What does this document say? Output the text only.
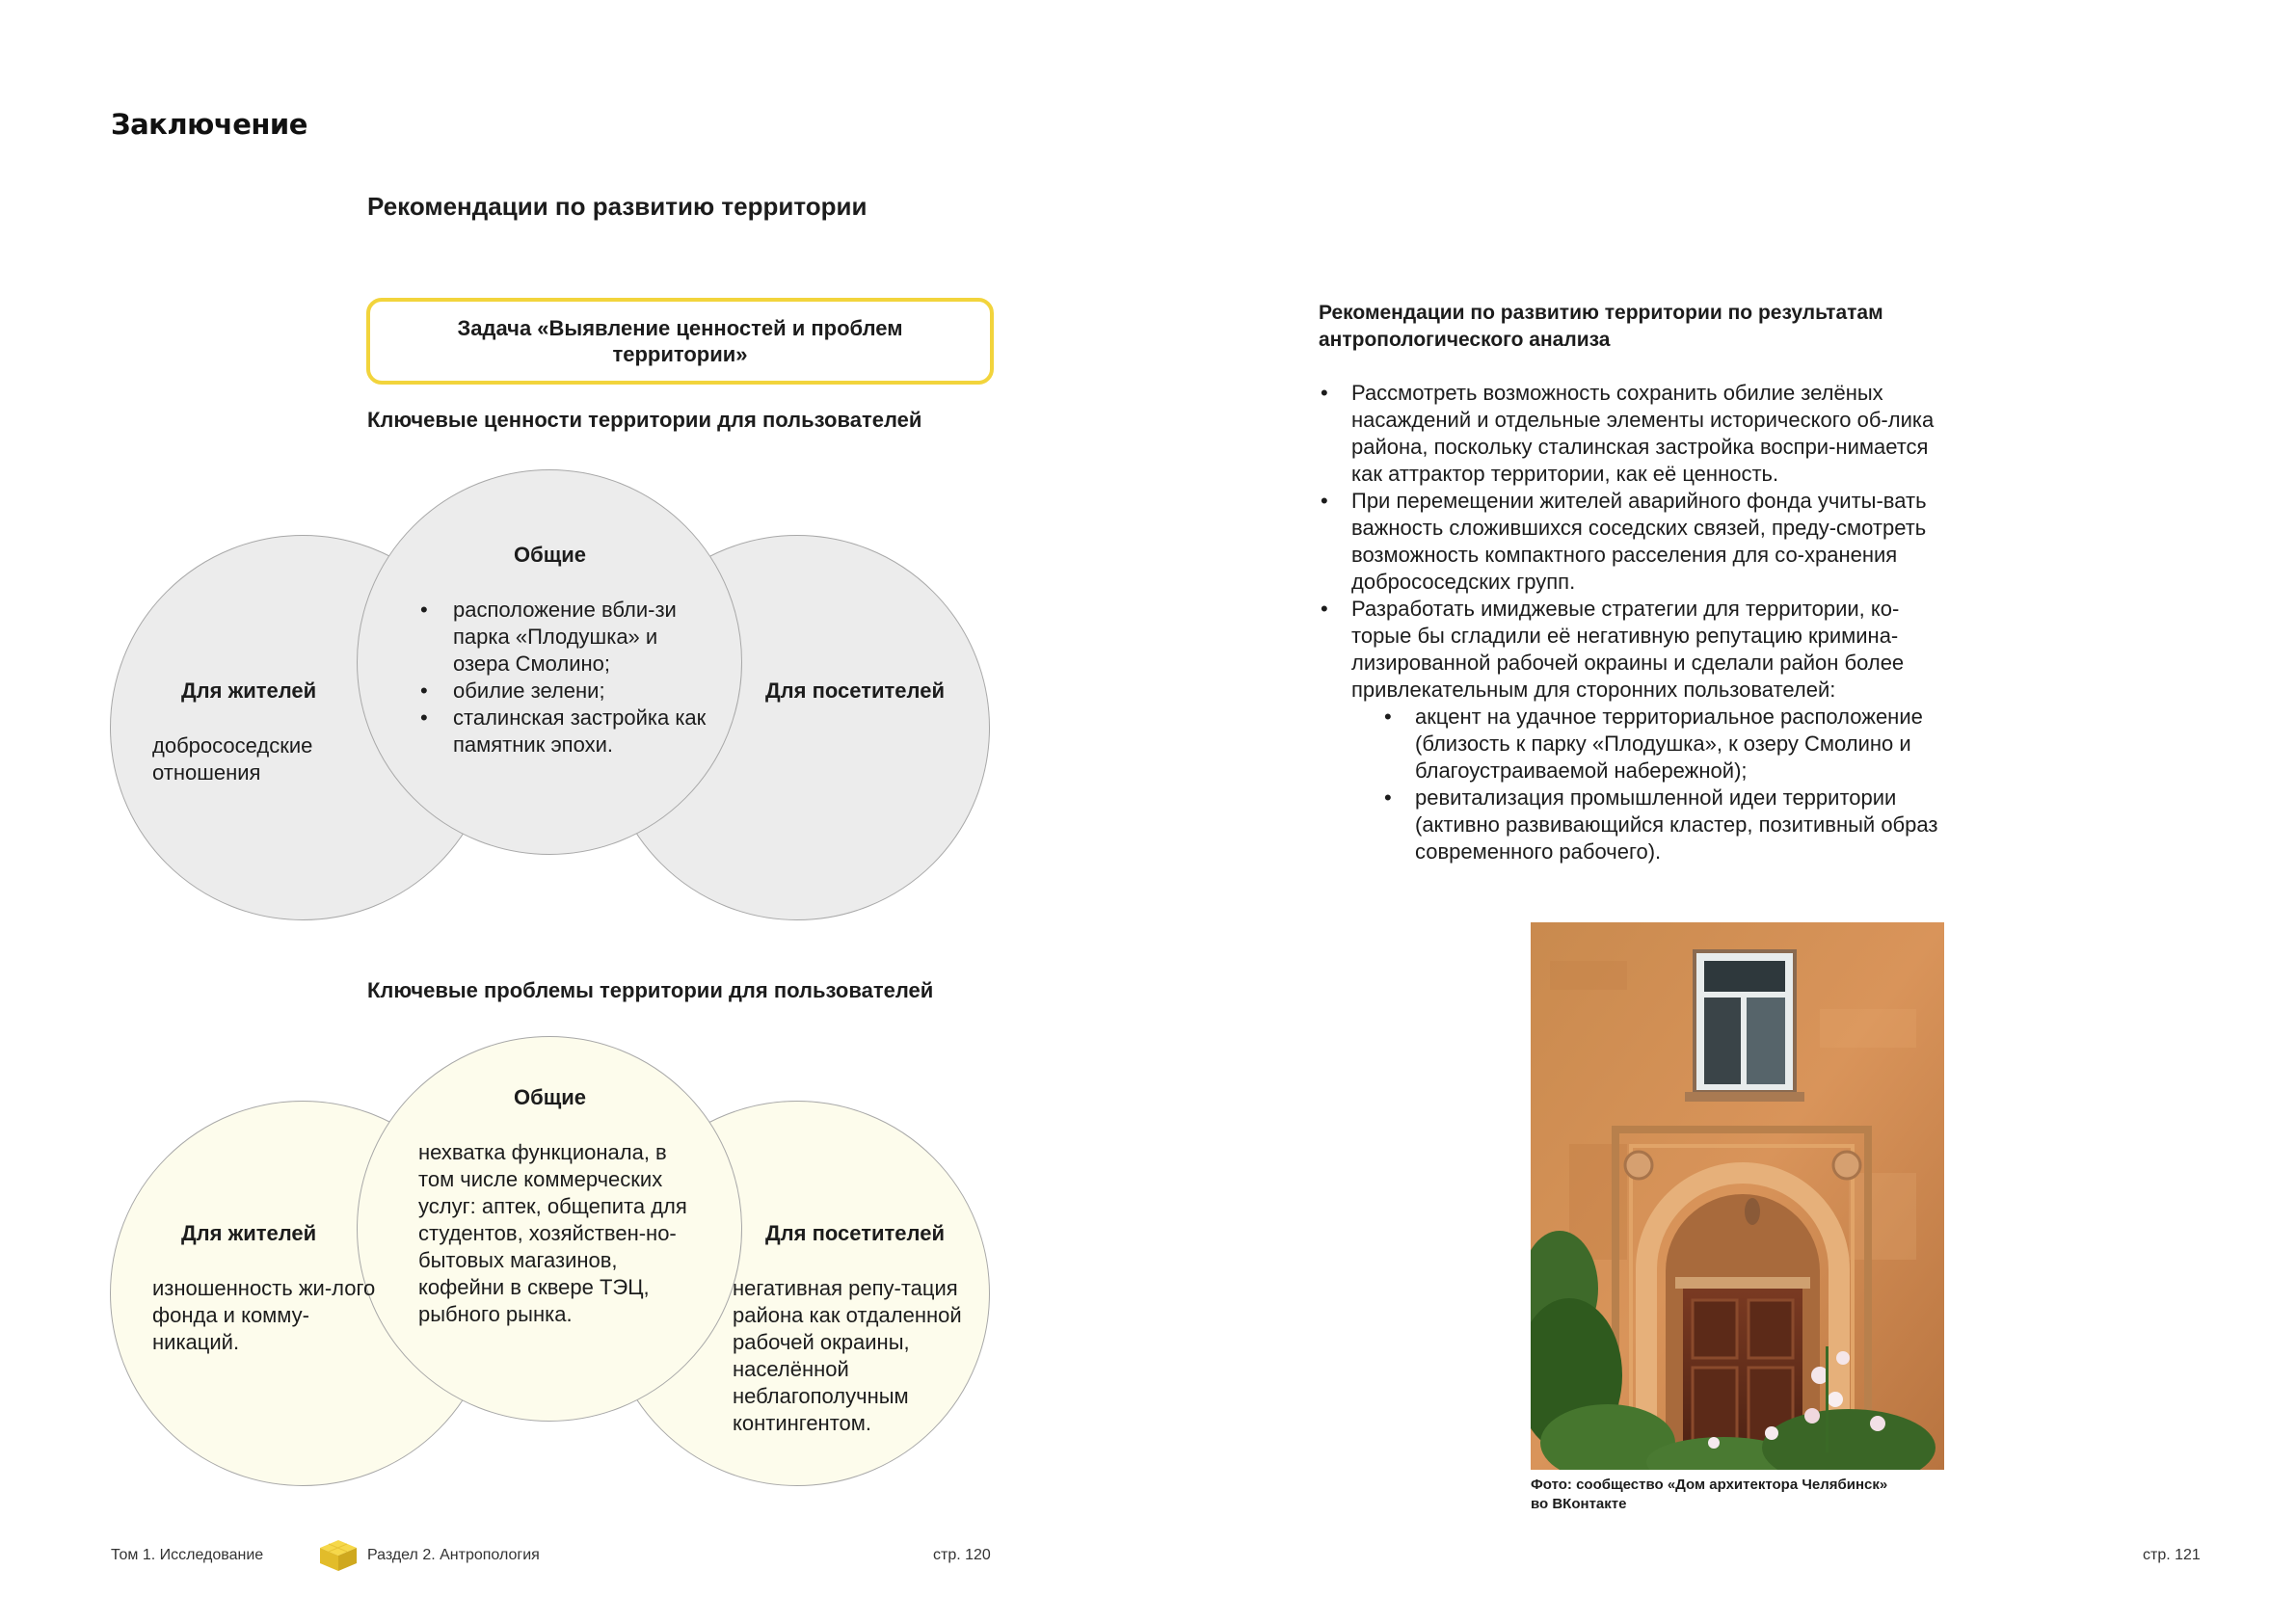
Заключение
Рекомендации по развитию территории
Задача «Выявление ценностей и проблем территории»
Ключевые ценности территории для пользователей
Для жителей
добрососедские отношения
Для посетителей
Общие
• расположение вбли-зи парка «Плодушка» и озера Смолино;
• обилие зелени;
• сталинская застройка как памятник эпохи.
Ключевые проблемы территории для пользователей
Для жителей
изношенность жи-лого фонда и комму-никаций.
Для посетителей
негативная репу-тация района как отдаленной рабочей окраины, населённой неблагополучным контингентом.
Общие
нехватка функционала, в том числе коммерческих услуг: аптек, общепита для студентов, хозяйствен-но-бытовых магазинов, кофейни в сквере ТЭЦ, рыбного рынка.
Рекомендации по развитию территории по результатам антропологического анализа
• Рассмотреть возможность сохранить обилие зелёных насаждений и отдельные элементы исторического об-лика района, поскольку сталинская застройка воспри-нимается как аттрактор территории, как её ценность.
• При перемещении жителей аварийного фонда учиты-вать важность сложившихся соседских связей, преду-смотреть возможность компактного расселения для со-хранения добрососедских групп.
• Разработать имиджевые стратегии для территории, ко-торые бы сгладили её негативную репутацию кримина-лизированной рабочей окраины и сделали район более привлекательным для сторонних пользователей:
• акцент на удачное территориальное расположение (близость к парку «Плодушка», к озеру Смолино и благоустраиваемой набережной);
• ревитализация промышленной идеи территории (активно развивающийся кластер, позитивный образ современного рабочего).
Фото: сообщество «Дом архитектора Челябинск»
во ВКонтакте
Том 1. Исследование	Раздел 2. Антропология	стр. 120	стр. 121
